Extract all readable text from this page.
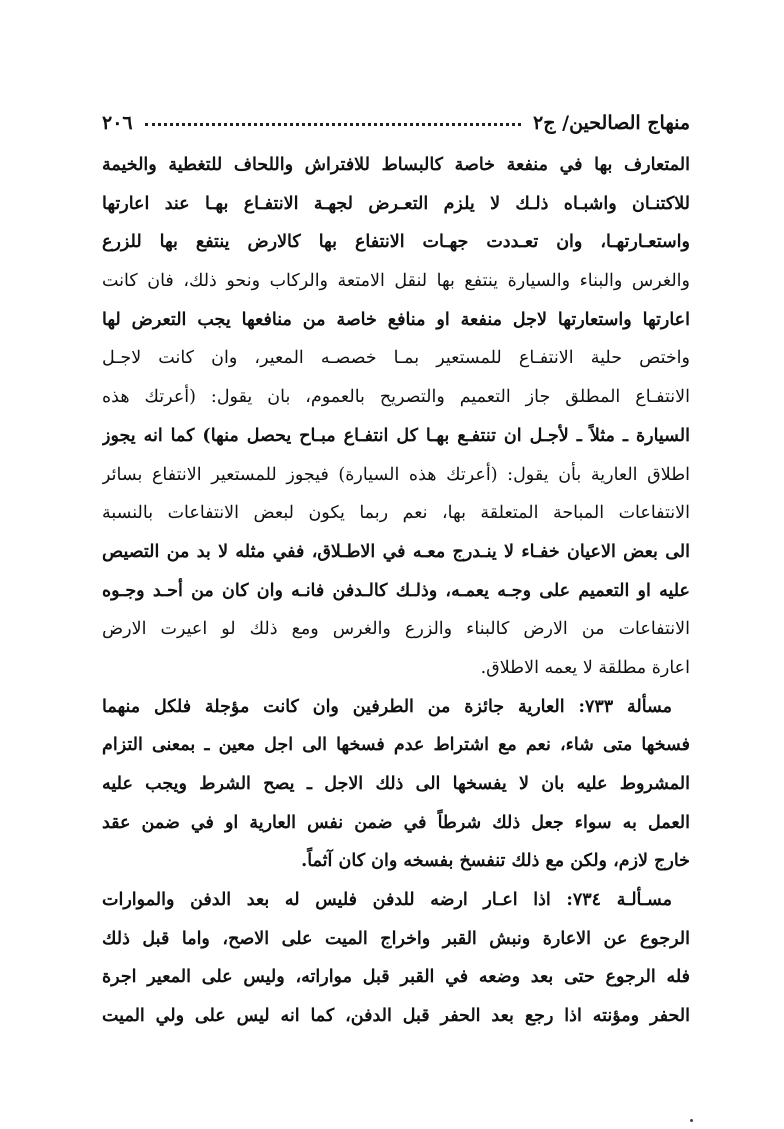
منهاج الصالحين/ ج٢
٢٠٦
المتعارف بها في منفعة خاصة كالبساط للافتراش واللحاف للتغطية والخيمة
للاكتنـان واشبـاه ذلـك لا يلزم التعـرض لجهـة الانتفـاع بهـا عند اعارتها
واستعـارتهـا، وان تعـددت جهـات الانتفاع بها كالارض ينتفع بها للزرع
والغرس والبناء والسيارة ينتفع بها لنقل الامتعة والركاب ونحو ذلك، فان كانت
اعارتها واستعارتها لاجل منفعة او منافع خاصة من منافعها يجب التعرض لها
واختص حلية الانتفـاع للمستعير بمـا خصصـه المعير، وان كانت لاجـل
الانتفـاع المطلق جاز التعميم والتصريح بالعموم، بان يقول: (أعرتك هذه
السيارة ـ مثلاً ـ لأجـل ان تنتفـع بهـا كل انتفـاع مبـاح يحصل منها) كما انه يجوز
اطلاق العارية بأن يقول: (أعرتك هذه السيارة) فيجوز للمستعير الانتفاع بسائر
الانتفاعات المباحة المتعلقة بها، نعم ربما يكون لبعض الانتفاعات بالنسبة
الى بعض الاعيان خفـاء لا ينـدرج معـه في الاطـلاق، ففي مثله لا بد من التصيص
عليه او التعميم على وجـه يعمـه، وذلـك كالـدفن فانـه وان كان من أحـد وجـوه
الانتفاعات من الارض كالبناء والزرع والغرس ومع ذلك لو اعيرت الارض
اعارة مطلقة لا يعمه الاطلاق.
مسألة ٧٣٣: العارية جائزة من الطرفين وان كانت مؤجلة فلكل منهما
فسخها متى شاء، نعم مع اشتراط عدم فسخها الى اجل معين ـ بمعنى التزام
المشروط عليه بان لا يفسخها الى ذلك الاجل ـ يصح الشرط ويجب عليه
العمل به سواء جعل ذلك شرطاً في ضمن نفس العارية او في ضمن عقد
خارج لازم، ولكن مع ذلك تنفسخ بفسخه وان كان آثماً.
مسـألـة ٧٣٤: اذا اعـار ارضه للدفن فليس له بعد الدفن والموارات
الرجوع عن الاعارة ونبش القبر واخراج الميت على الاصح، واما قبل ذلك
فله الرجوع حتى بعد وضعه في القبر قبل مواراته، وليس على المعير اجرة
الحفر ومؤنته اذا رجع بعد الحفر قبل الدفن، كما انه ليس على ولي الميت
